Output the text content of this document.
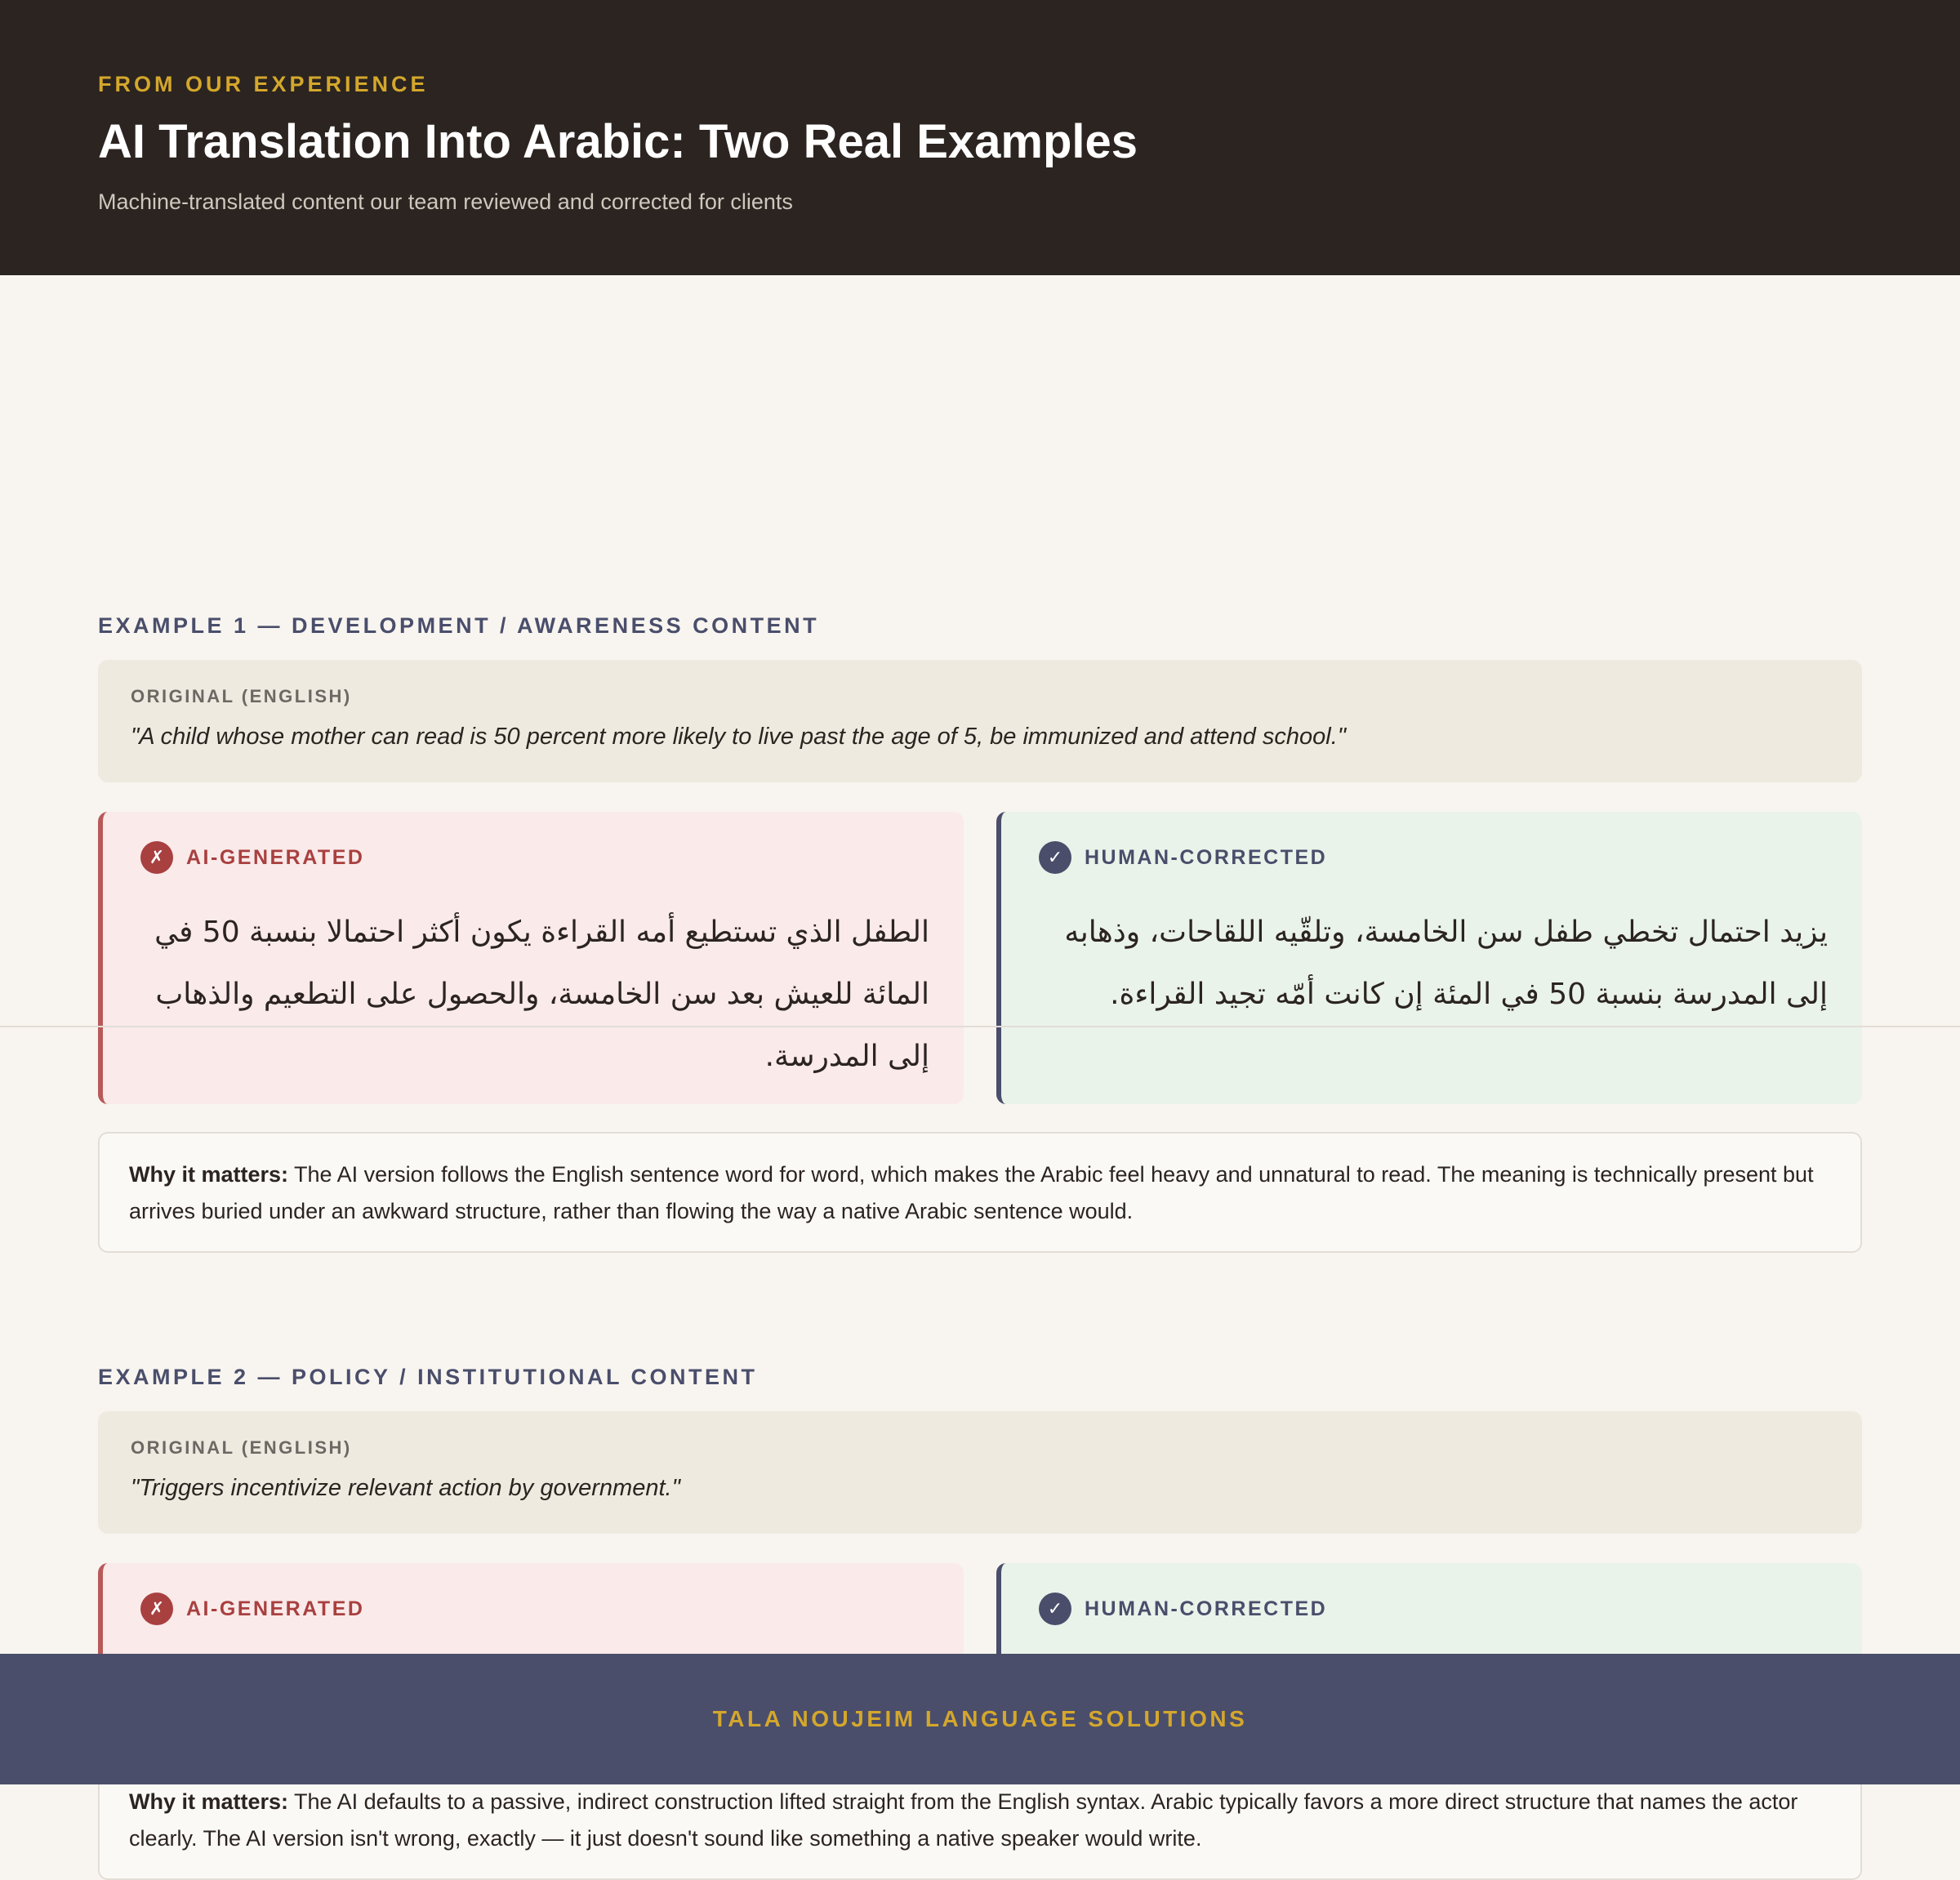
FROM OUR EXPERIENCE
AI Translation Into Arabic: Two Real Examples
Machine-translated content our team reviewed and corrected for clients
EXAMPLE 1 — DEVELOPMENT / AWARENESS CONTENT
ORIGINAL (ENGLISH)
"A child whose mother can read is 50 percent more likely to live past the age of 5, be immunized and attend school."
✗	AI-GENERATED
الطفل الذي تستطيع أمه القراءة يكون أكثر احتمالا بنسبة 50 في المائة للعيش بعد سن الخامسة، والحصول على التطعيم والذهاب إلى المدرسة.
✓	HUMAN-CORRECTED
يزيد احتمال تخطي طفل سن الخامسة، وتلقّيه اللقاحات، وذهابه إلى المدرسة بنسبة 50 في المئة إن كانت أمّه تجيد القراءة.
Why it matters: The AI version follows the English sentence word for word, which makes the Arabic feel heavy and unnatural to read. The meaning is technically present but arrives buried under an awkward structure, rather than flowing the way a native Arabic sentence would.
EXAMPLE 2 — POLICY / INSTITUTIONAL CONTENT
ORIGINAL (ENGLISH)
"Triggers incentivize relevant action by government."
✗	AI-GENERATED	✓	HUMAN-CORRECTED
Why it matters: The AI defaults to a passive, indirect construction lifted straight from the English syntax. Arabic typically favors a more direct structure that names the actor clearly. The AI version isn't wrong, exactly — it just doesn't sound like something a native speaker would write.
TALA NOUJEIM LANGUAGE SOLUTIONS
